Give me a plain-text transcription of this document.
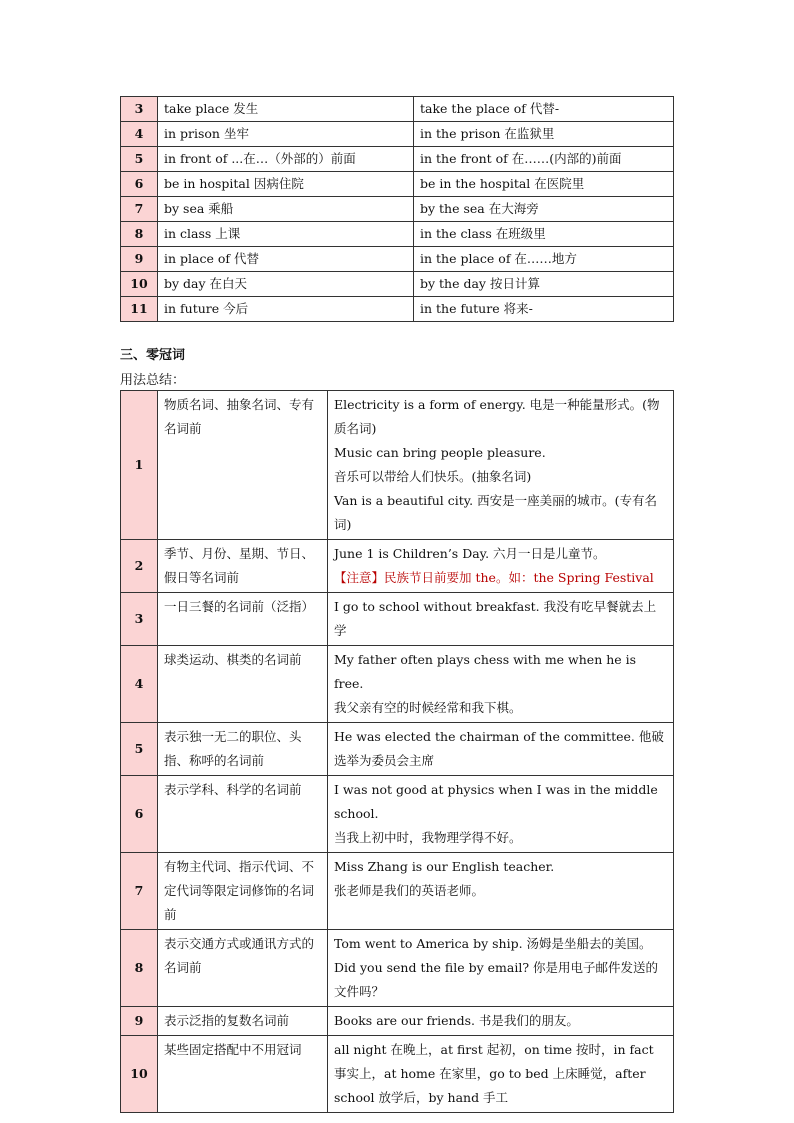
3	take place 发生	take the place of 代替-
4	in prison 坐牢	in the prison 在监狱里
5	in front of ...在…（外部的）前面	in the front of 在……(内部的)前面
6	be in hospital 因病住院	be in the hospital 在医院里
7	by sea 乘船	by the sea 在大海旁
8	in class 上课	in the class 在班级里
9	in place of 代替	in the place of 在……地方
10	by day 在白天	by the day 按日计算
11	in future 今后	in the future 将来-
三、零冠词
用法总结：
1	物质名词、抽象名词、专有名词前	Electricity is a form of energy. 电是一种能量形式。(物质名词)
Music can bring people pleasure.
音乐可以带给人们快乐。(抽象名词)
Van is a beautiful city. 西安是一座美丽的城市。(专有名词)

2	季节、月份、星期、节日、假日等名词前	June 1 is Children’s Day. 六月一日是儿童节。
【注意】民族节日前要加 the。如：the Spring Festival

3	一日三餐的名词前（泛指）	I go to school without breakfast. 我没有吃早餐就去上学

4	球类运动、棋类的名词前	My father often plays chess with me when he is free.
我父亲有空的时候经常和我下棋。

5	表示独一无二的职位、头指、称呼的名词前	He was elected the chairman of the committee. 他破选举为委员会主席

6	表示学科、科学的名词前	I was not good at physics when I was in the middle school.
当我上初中时，我物理学得不好。

7	有物主代词、指示代词、不定代词等限定词修饰的名词前	Miss Zhang is our English teacher.
张老师是我们的英语老师。

8	表示交通方式或通讯方式的名词前	Tom went to America by ship. 汤姆是坐船去的美国。
Did you send the file by email? 你是用电子邮件发送的文件吗？

9	表示泛指的复数名词前	Books are our friends. 书是我们的朋友。

10	某些固定搭配中不用冠词	all night 在晚上，at first 起初，on time 按时，in fact 事实上，at home 在家里，go to bed 上床睡觉，after school 放学后，by hand 手工
